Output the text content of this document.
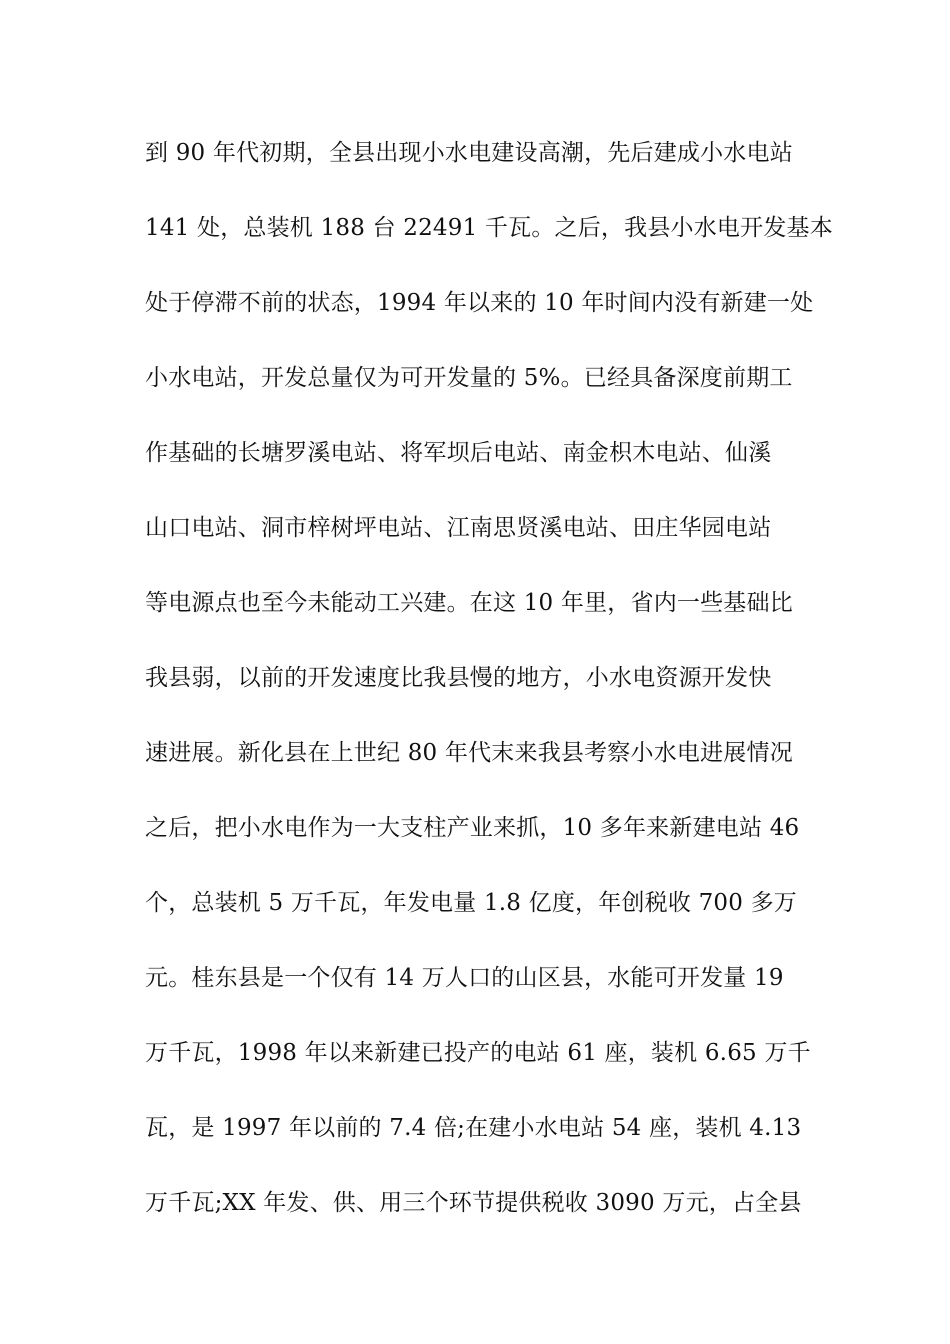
到 90 年代初期，全县出现小水电建设高潮，先后建成小水电站
141 处，总装机 188 台 22491 千瓦。之后，我县小水电开发基本
处于停滞不前的状态，1994 年以来的 10 年时间内没有新建一处
小水电站，开发总量仅为可开发量的 5%。已经具备深度前期工
作基础的长塘罗溪电站、将军坝后电站、南金枳木电站、仙溪
山口电站、洞市梓树坪电站、江南思贤溪电站、田庄华园电站
等电源点也至今未能动工兴建。在这 10 年里，省内一些基础比
我县弱，以前的开发速度比我县慢的地方，小水电资源开发快
速进展。新化县在上世纪 80 年代末来我县考察小水电进展情况
之后，把小水电作为一大支柱产业来抓，10 多年来新建电站 46
个，总装机 5 万千瓦，年发电量 1.8 亿度，年创税收 700 多万
元。桂东县是一个仅有 14 万人口的山区县，水能可开发量 19
万千瓦，1998 年以来新建已投产的电站 61 座，装机 6.65 万千
瓦，是 1997 年以前的 7.4 倍;在建小水电站 54 座，装机 4.13
万千瓦;XX 年发、供、用三个环节提供税收 3090 万元，占全县
